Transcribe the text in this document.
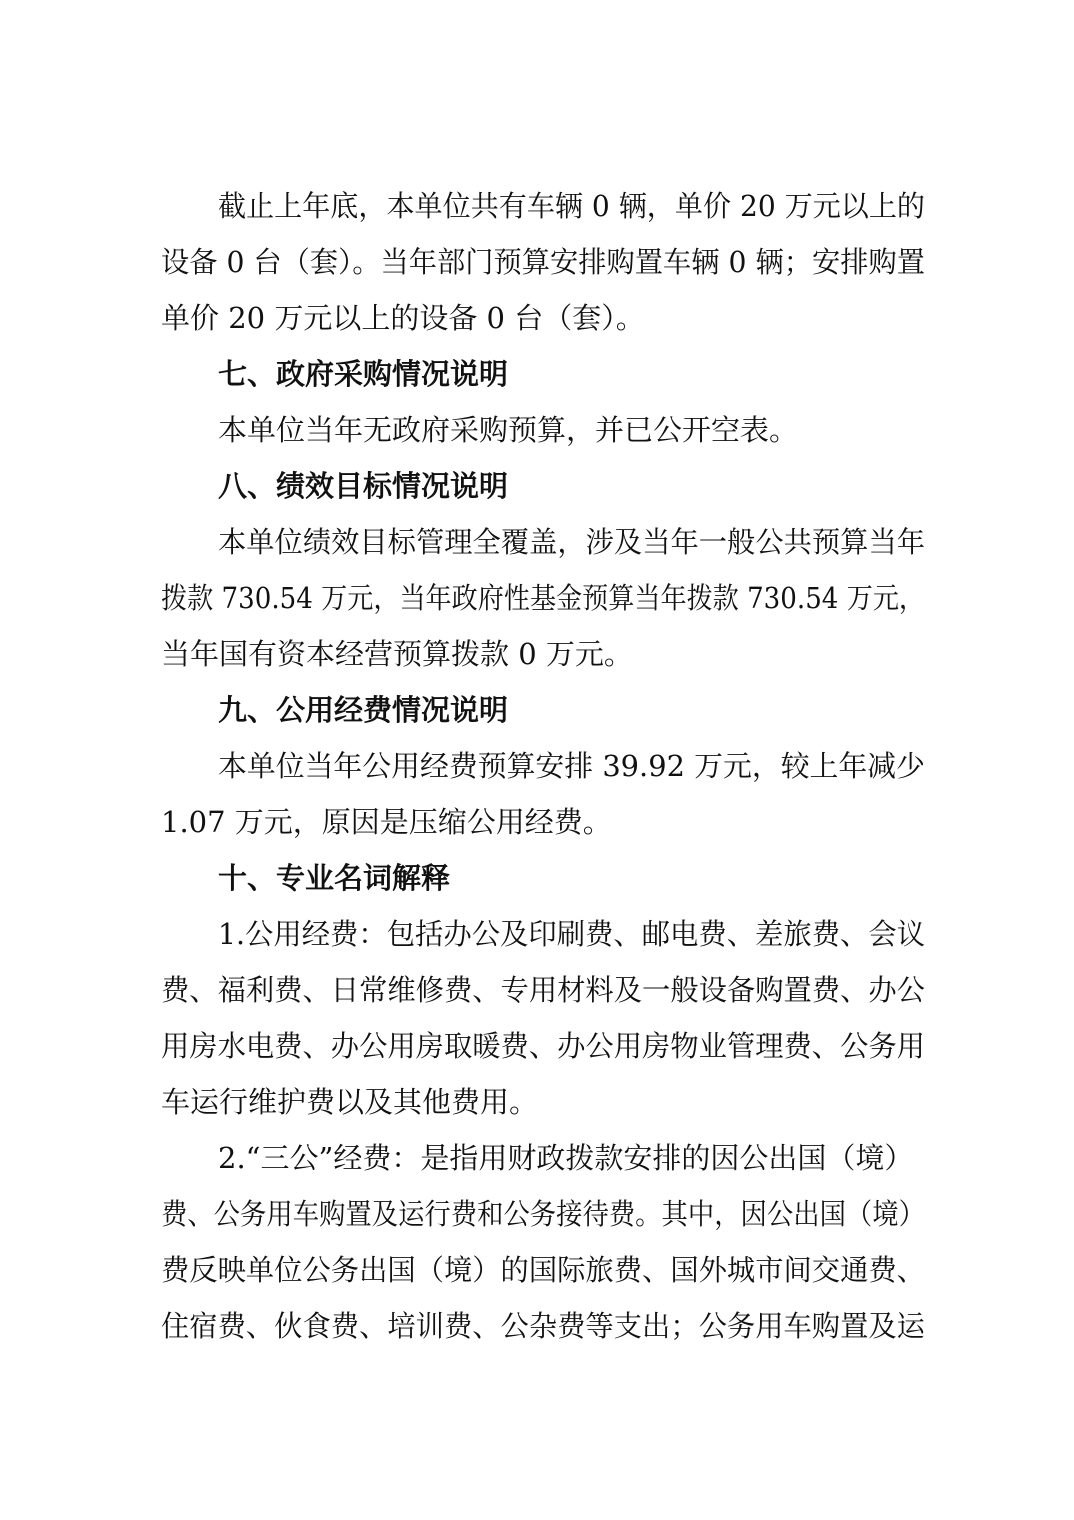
截止上年底，本单位共有车辆 0 辆，单价 20 万元以上的
设备 0 台（套）。当年部门预算安排购置车辆 0 辆；安排购置
单价 20 万元以上的设备 0 台（套）。
七、政府采购情况说明
本单位当年无政府采购预算，并已公开空表。
八、绩效目标情况说明
本单位绩效目标管理全覆盖，涉及当年一般公共预算当年
拨款 730.54 万元，当年政府性基金预算当年拨款 730.54 万元，
当年国有资本经营预算拨款 0 万元。
九、公用经费情况说明
本单位当年公用经费预算安排 39.92 万元，较上年减少
1.07 万元，原因是压缩公用经费。
十、专业名词解释
1.公用经费：包括办公及印刷费、邮电费、差旅费、会议
费、福利费、日常维修费、专用材料及一般设备购置费、办公
用房水电费、办公用房取暖费、办公用房物业管理费、公务用
车运行维护费以及其他费用。
2.“三公”经费：是指用财政拨款安排的因公出国（境）
费、公务用车购置及运行费和公务接待费。其中，因公出国（境）
费反映单位公务出国（境）的国际旅费、国外城市间交通费、
住宿费、伙食费、培训费、公杂费等支出；公务用车购置及运
